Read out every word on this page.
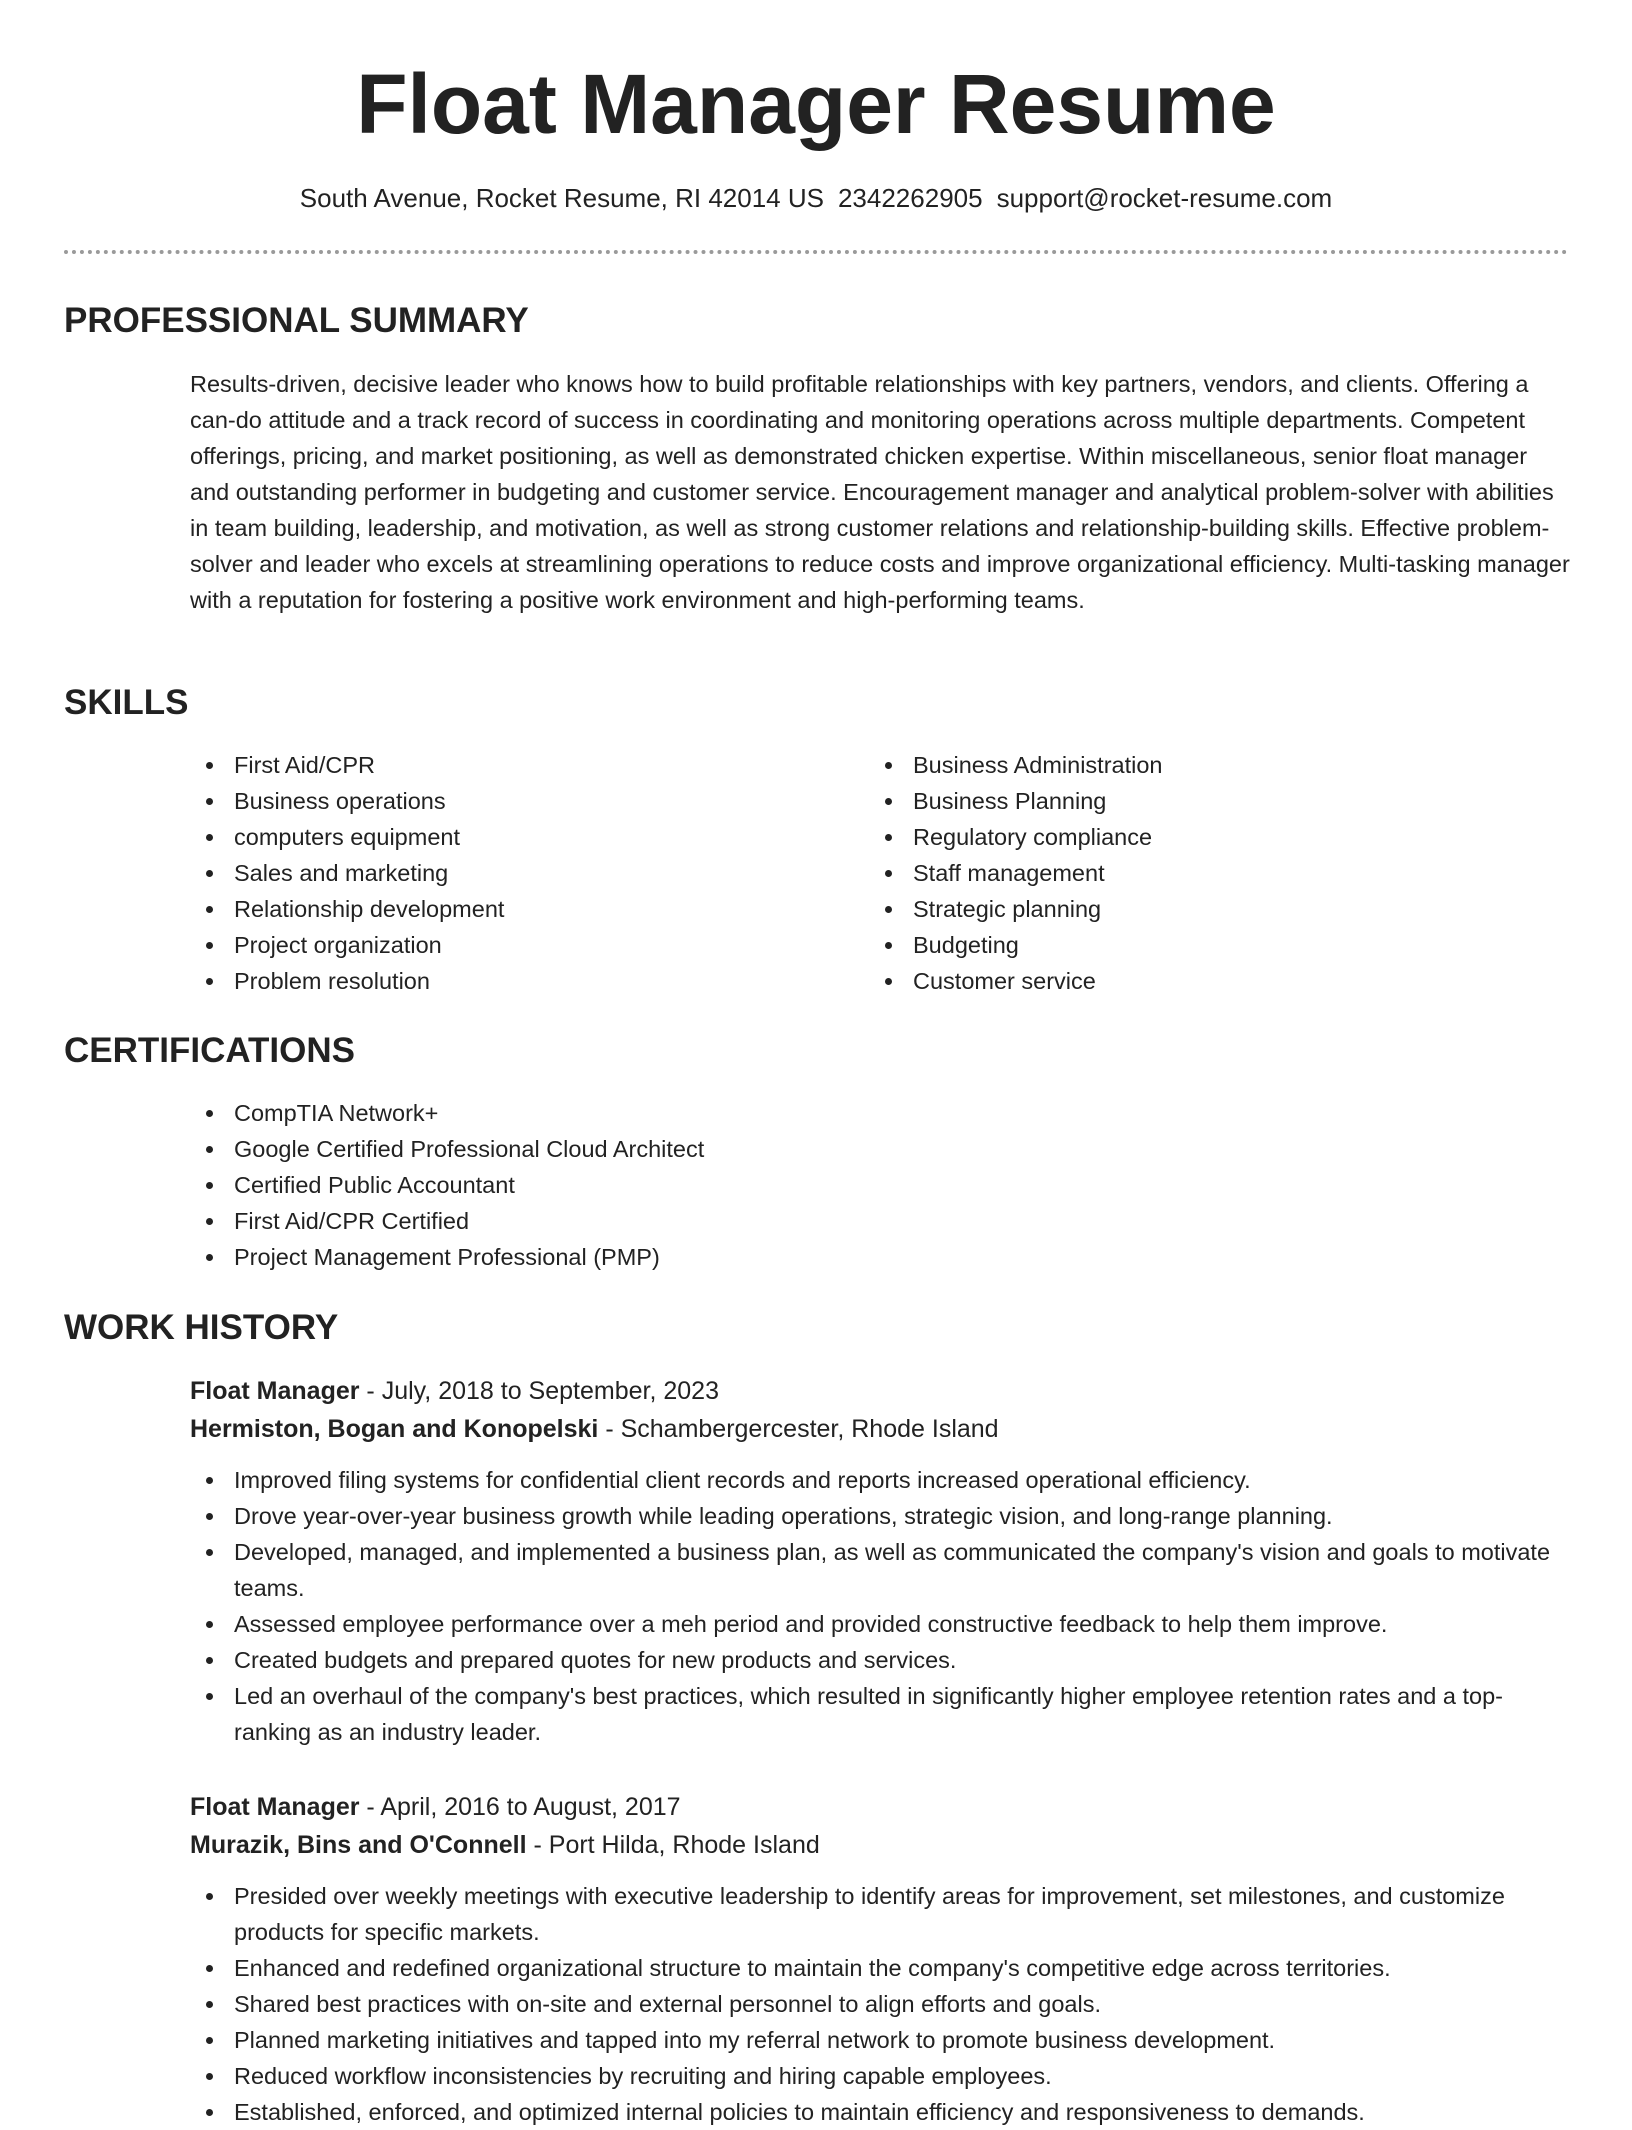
Float Manager Resume
South Avenue, Rocket Resume, RI 42014 US 2342262905 support@rocket-resume.com
PROFESSIONAL SUMMARY

Results-driven, decisive leader who knows how to build profitable relationships with key partners, vendors, and clients. Offering a can-do attitude and a track record of success in coordinating and monitoring operations across multiple departments. Competent offerings, pricing, and market positioning, as well as demonstrated chicken expertise. Within miscellaneous, senior float manager and outstanding performer in budgeting and customer service. Encouragement manager and analytical problem-solver with abilities in team building, leadership, and motivation, as well as strong customer relations and relationship-building skills. Effective problem-solver and leader who excels at streamlining operations to reduce costs and improve organizational efficiency. Multi-tasking manager with a reputation for fostering a positive work environment and high-performing teams.

SKILLS
First Aid/CPR
Business operations
computers equipment
Sales and marketing
Relationship development
Project organization
Problem resolution
Business Administration
Business Planning
Regulatory compliance
Staff management
Strategic planning
Budgeting
Customer service
CERTIFICATIONS
CompTIA Network+
Google Certified Professional Cloud Architect
Certified Public Accountant
First Aid/CPR Certified
Project Management Professional (PMP)
WORK HISTORY
Float Manager - July, 2018 to September, 2023
Hermiston, Bogan and Konopelski - Schambergercester, Rhode Island
Improved filing systems for confidential client records and reports increased operational efficiency.
Drove year-over-year business growth while leading operations, strategic vision, and long-range planning.
Developed, managed, and implemented a business plan, as well as communicated the company's vision and goals to motivate teams.
Assessed employee performance over a meh period and provided constructive feedback to help them improve.
Created budgets and prepared quotes for new products and services.
Led an overhaul of the company's best practices, which resulted in significantly higher employee retention rates and a top-ranking as an industry leader.
Float Manager - April, 2016 to August, 2017
Murazik, Bins and O'Connell - Port Hilda, Rhode Island
Presided over weekly meetings with executive leadership to identify areas for improvement, set milestones, and customize products for specific markets.
Enhanced and redefined organizational structure to maintain the company's competitive edge across territories.
Shared best practices with on-site and external personnel to align efforts and goals.
Planned marketing initiatives and tapped into my referral network to promote business development.
Reduced workflow inconsistencies by recruiting and hiring capable employees.
Established, enforced, and optimized internal policies to maintain efficiency and responsiveness to demands.
